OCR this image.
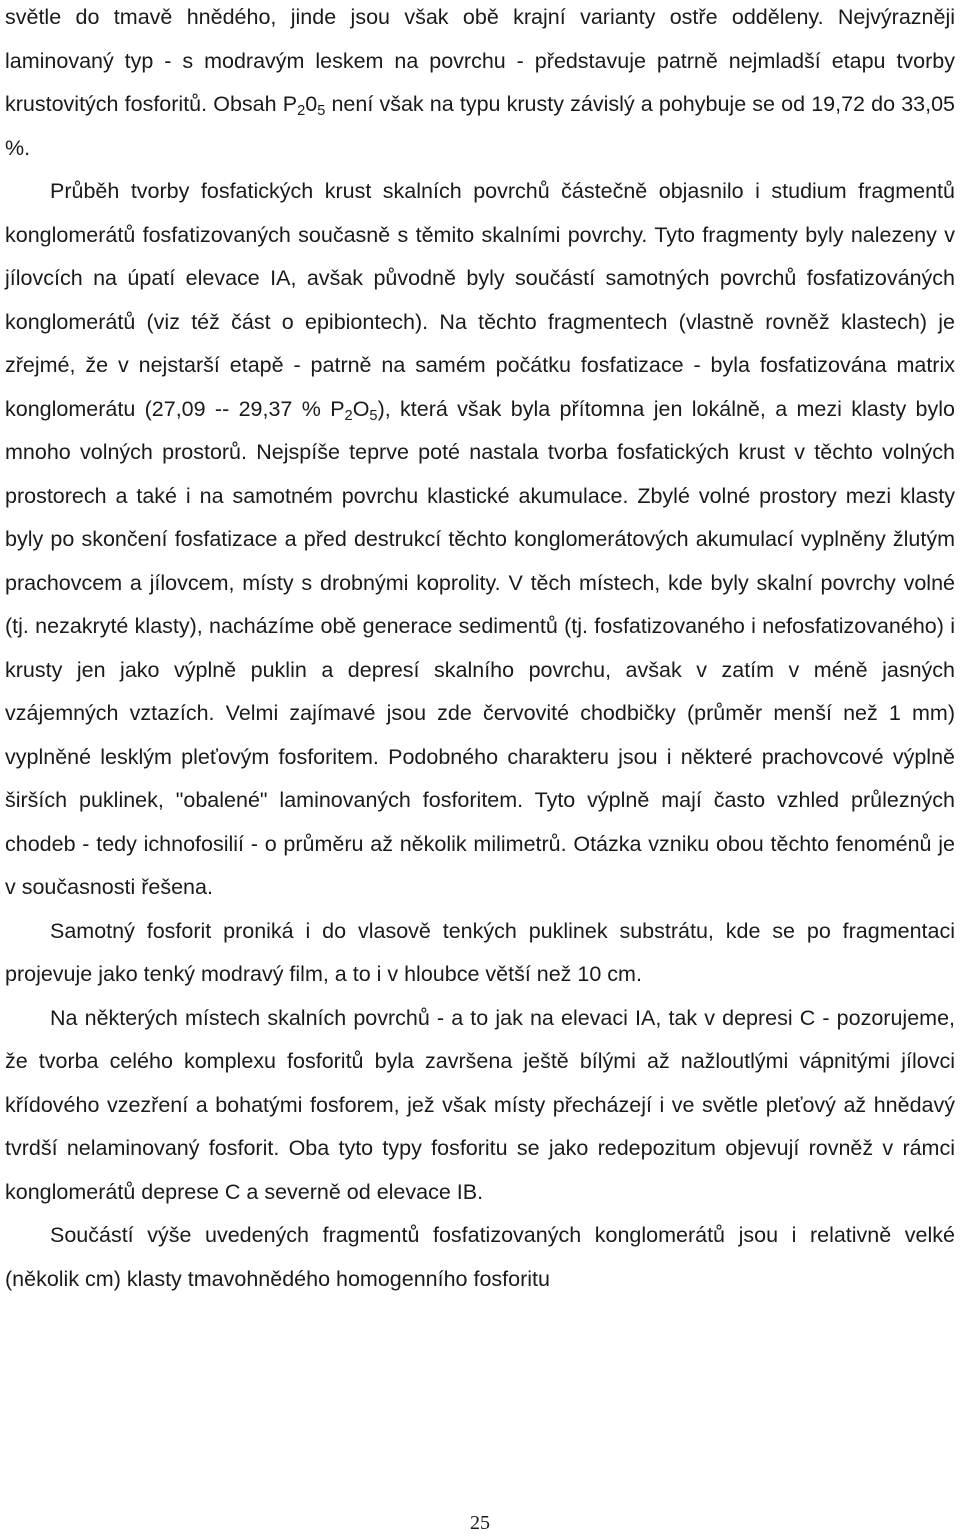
světle do tmavě hnědého, jinde jsou však obě krajní varianty ostře odděleny. Nejvýrazněji laminovaný typ - s modravým leskem na povrchu - představuje patrně nejmladší etapu tvorby krustovitých fosforitů. Obsah $P_20_5$ není však na typu krusty závislý a pohybuje se od 19,72 do 33,05 %.

Průběh tvorby fosfatických krust skalních povrchů částečně objasnilo i studium fragmentů konglomerátů fosfatizovaných současně s těmito skalními povrchy. Tyto fragmenty byly nalezeny v jílovcích na úpatí elevace IA, avšak původně byly součástí samotných povrchů fosfatizováných konglomerátů (viz též část o epibiontech). Na těchto fragmentech (vlastně rovněž klastech) je zřejmé, že v nejstarší etapě - patrně na samém počátku fosfatizace - byla fosfatizována matrix konglomerátu (27,09 -- 29,37 % $P_2O_5$), která však byla přítomna jen lokálně, a mezi klasty bylo mnoho volných prostorů. Nejspíše teprve poté nastala tvorba fosfatických krust v těchto volných prostorech a také i na samotném povrchu klastické akumulace. Zbylé volné prostory mezi klasty byly po skončení fosfatizace a před destrukcí těchto konglomerátových akumulací vyplněny žlutým prachovcem a jílovcem, místy s drobnými koprolity. V těch místech, kde byly skalní povrchy volné (tj. nezakryté klasty), nacházíme obě generace sedimentů (tj. fosfatizovaného i nefosfatizovaného) i krusty jen jako výplně puklin a depresí skalního povrchu, avšak v zatím v méně jasných vzájemných vztazích. Velmi zajímavé jsou zde červovité chodbičky (průměr menší než 1 mm) vyplněné lesklým pleťovým fosforitem. Podobného charakteru jsou i některé prachovcové výplně širších puklinek, "obalené" laminovaných fosforitem. Tyto výplně mají často vzhled průlezných chodeb - tedy ichnofosilií - o průměru až několik milimetrů. Otázka vzniku obou těchto fenoménů je v současnosti řešena.

Samotný fosforit proniká i do vlasově tenkých puklinek substrátu, kde se po fragmentaci projevuje jako tenký modravý film, a to i v hloubce větší než 10 cm.

Na některých místech skalních povrchů - a to jak na elevaci IA, tak v depresi C - pozorujeme, že tvorba celého komplexu fosforitů byla završena ještě bílými až nažloutlými vápnitými jílovci křídového vzezření a bohatými fosforem, jež však místy přecházejí i ve světle pleťový až hnědavý tvrdší nelaminovaný fosforit. Oba tyto typy fosforitu se jako redepozitum objevují rovněž v rámci konglomerátů deprese C a severně od elevace IB.

Součástí výše uvedených fragmentů fosfatizovaných konglomerátů jsou i relativně velké (několik cm) klasty tmavohnědého homogenního fosforitu

25
